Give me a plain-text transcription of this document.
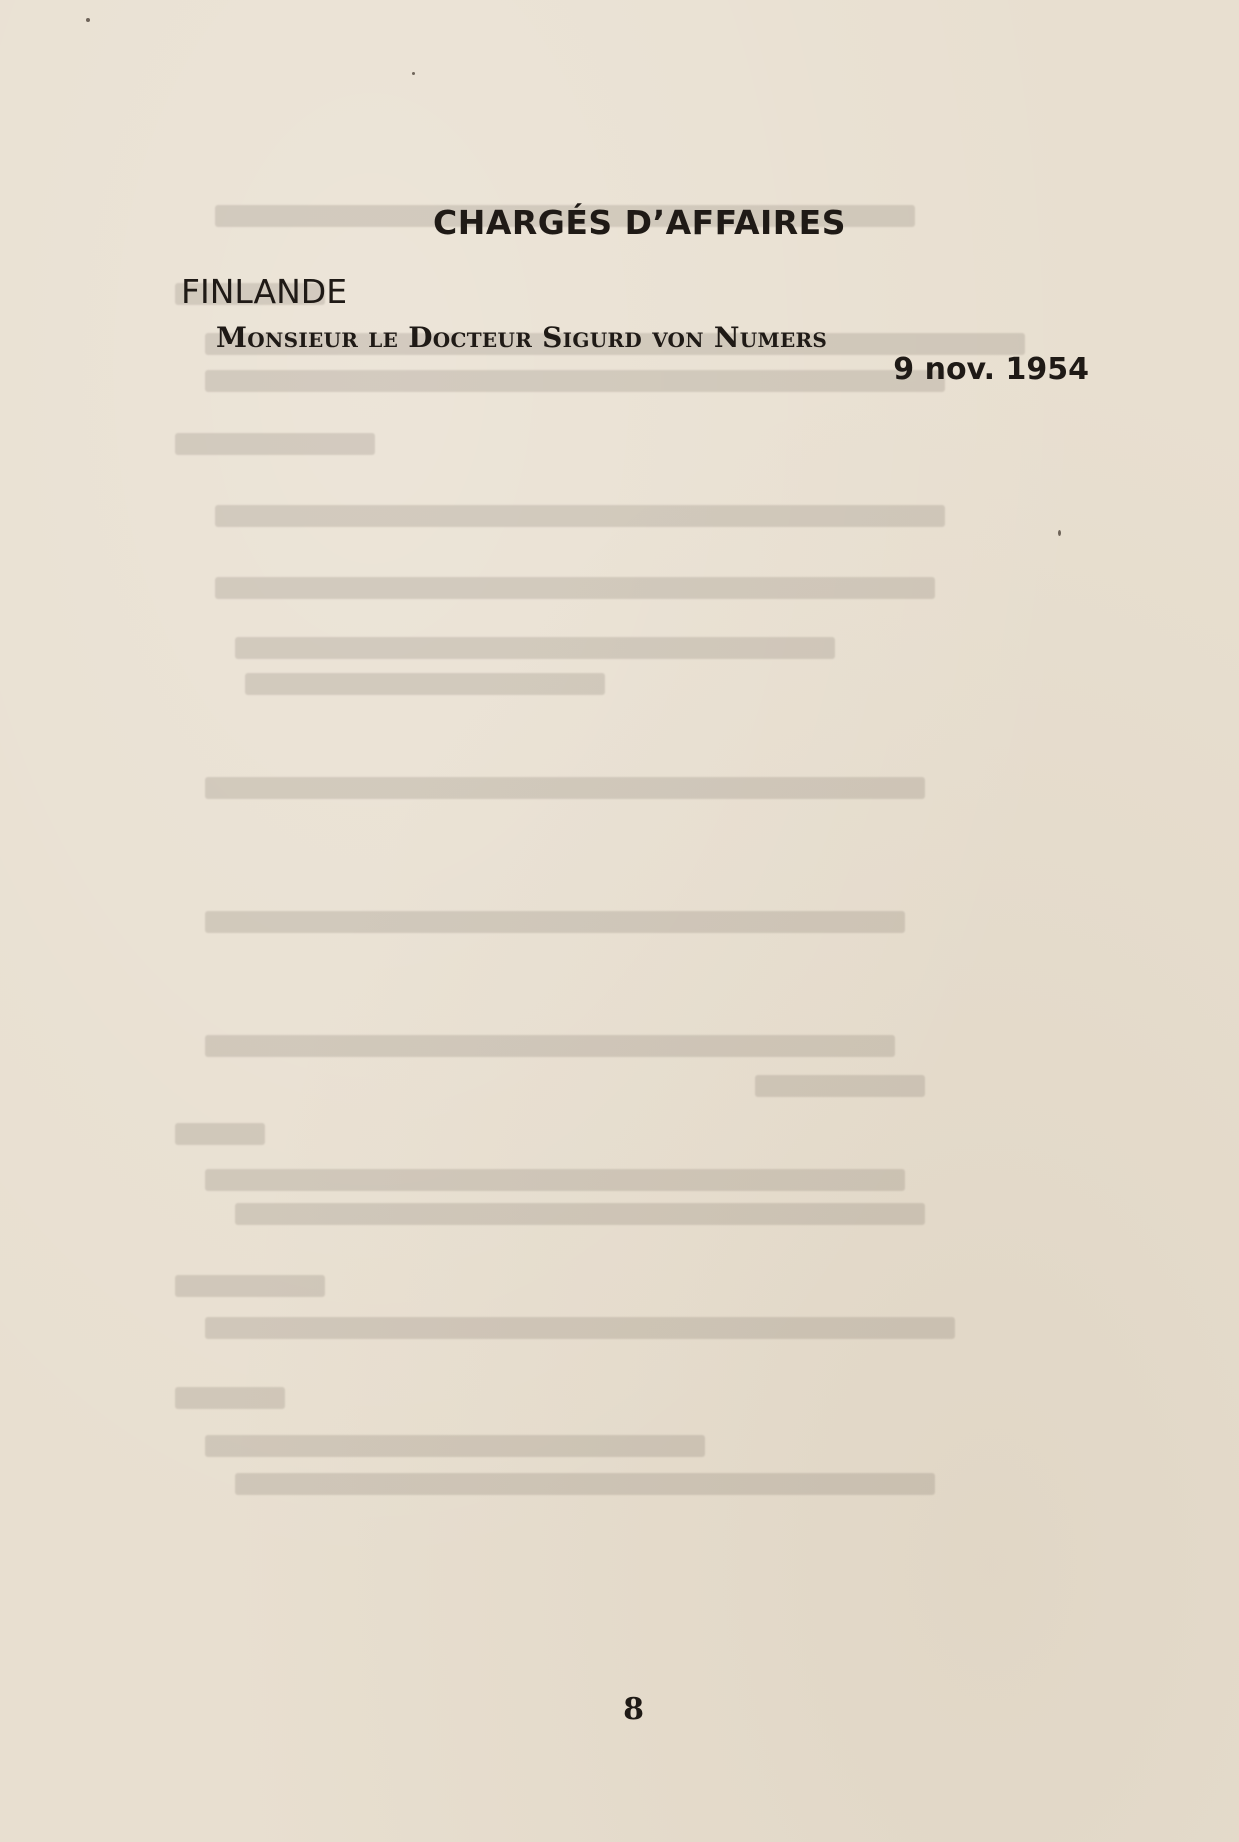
CHARGÉS D’AFFAIRES
FINLANDE

Monsieur le Docteur Sigurd von Numers

9 nov. 1954

8
